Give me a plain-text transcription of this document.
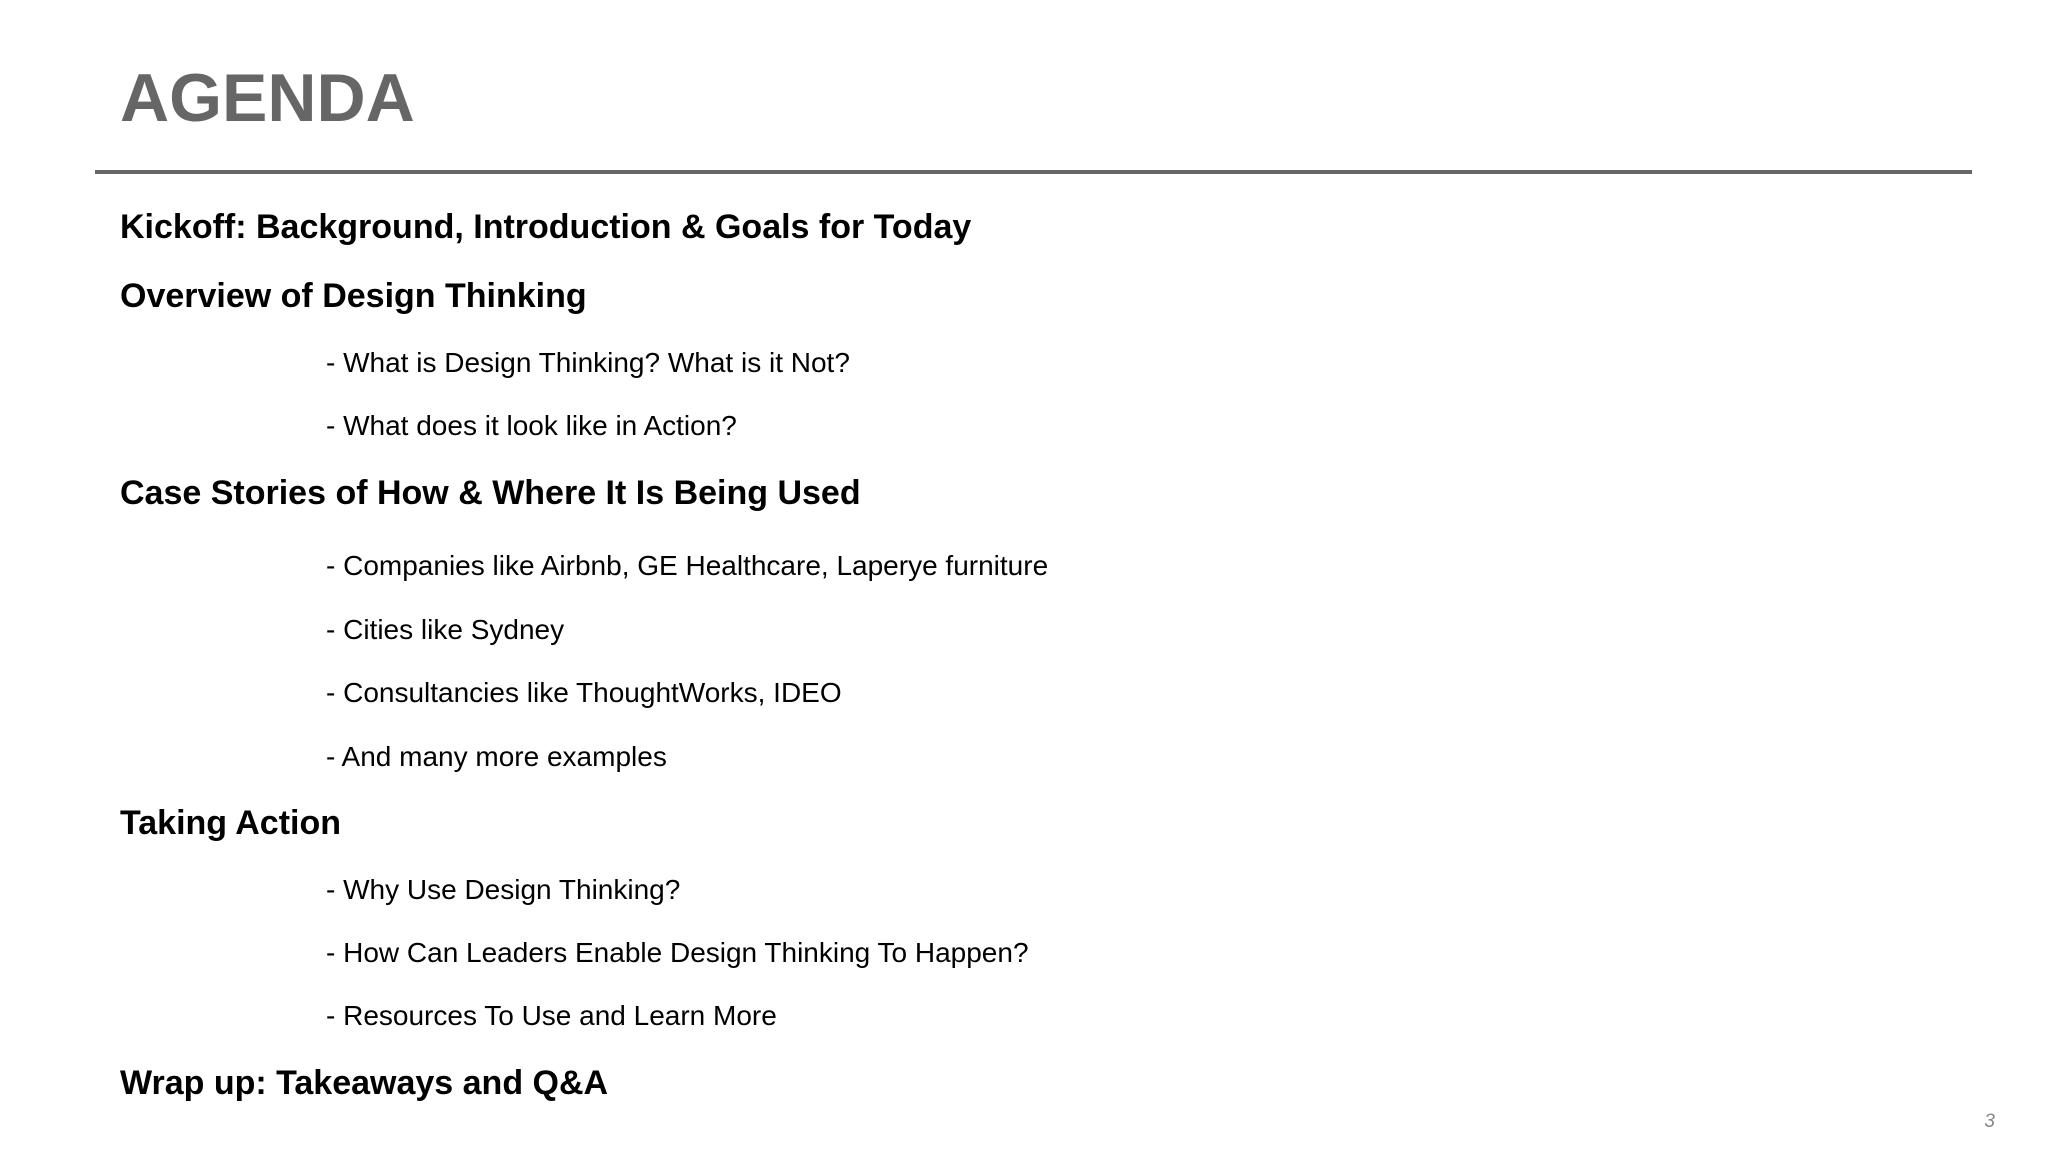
AGENDA
Kickoff: Background, Introduction & Goals for Today
Overview of Design Thinking
- What is Design Thinking? What is it Not?
- What does it look like in Action?
Case Stories of How & Where It Is Being Used
- Companies like Airbnb, GE Healthcare, Laperye furniture
- Cities like Sydney
- Consultancies like ThoughtWorks, IDEO
- And many more examples
Taking Action
- Why Use Design Thinking?
- How Can Leaders Enable Design Thinking To Happen?
- Resources To Use and Learn More
Wrap up: Takeaways and Q&A
3
